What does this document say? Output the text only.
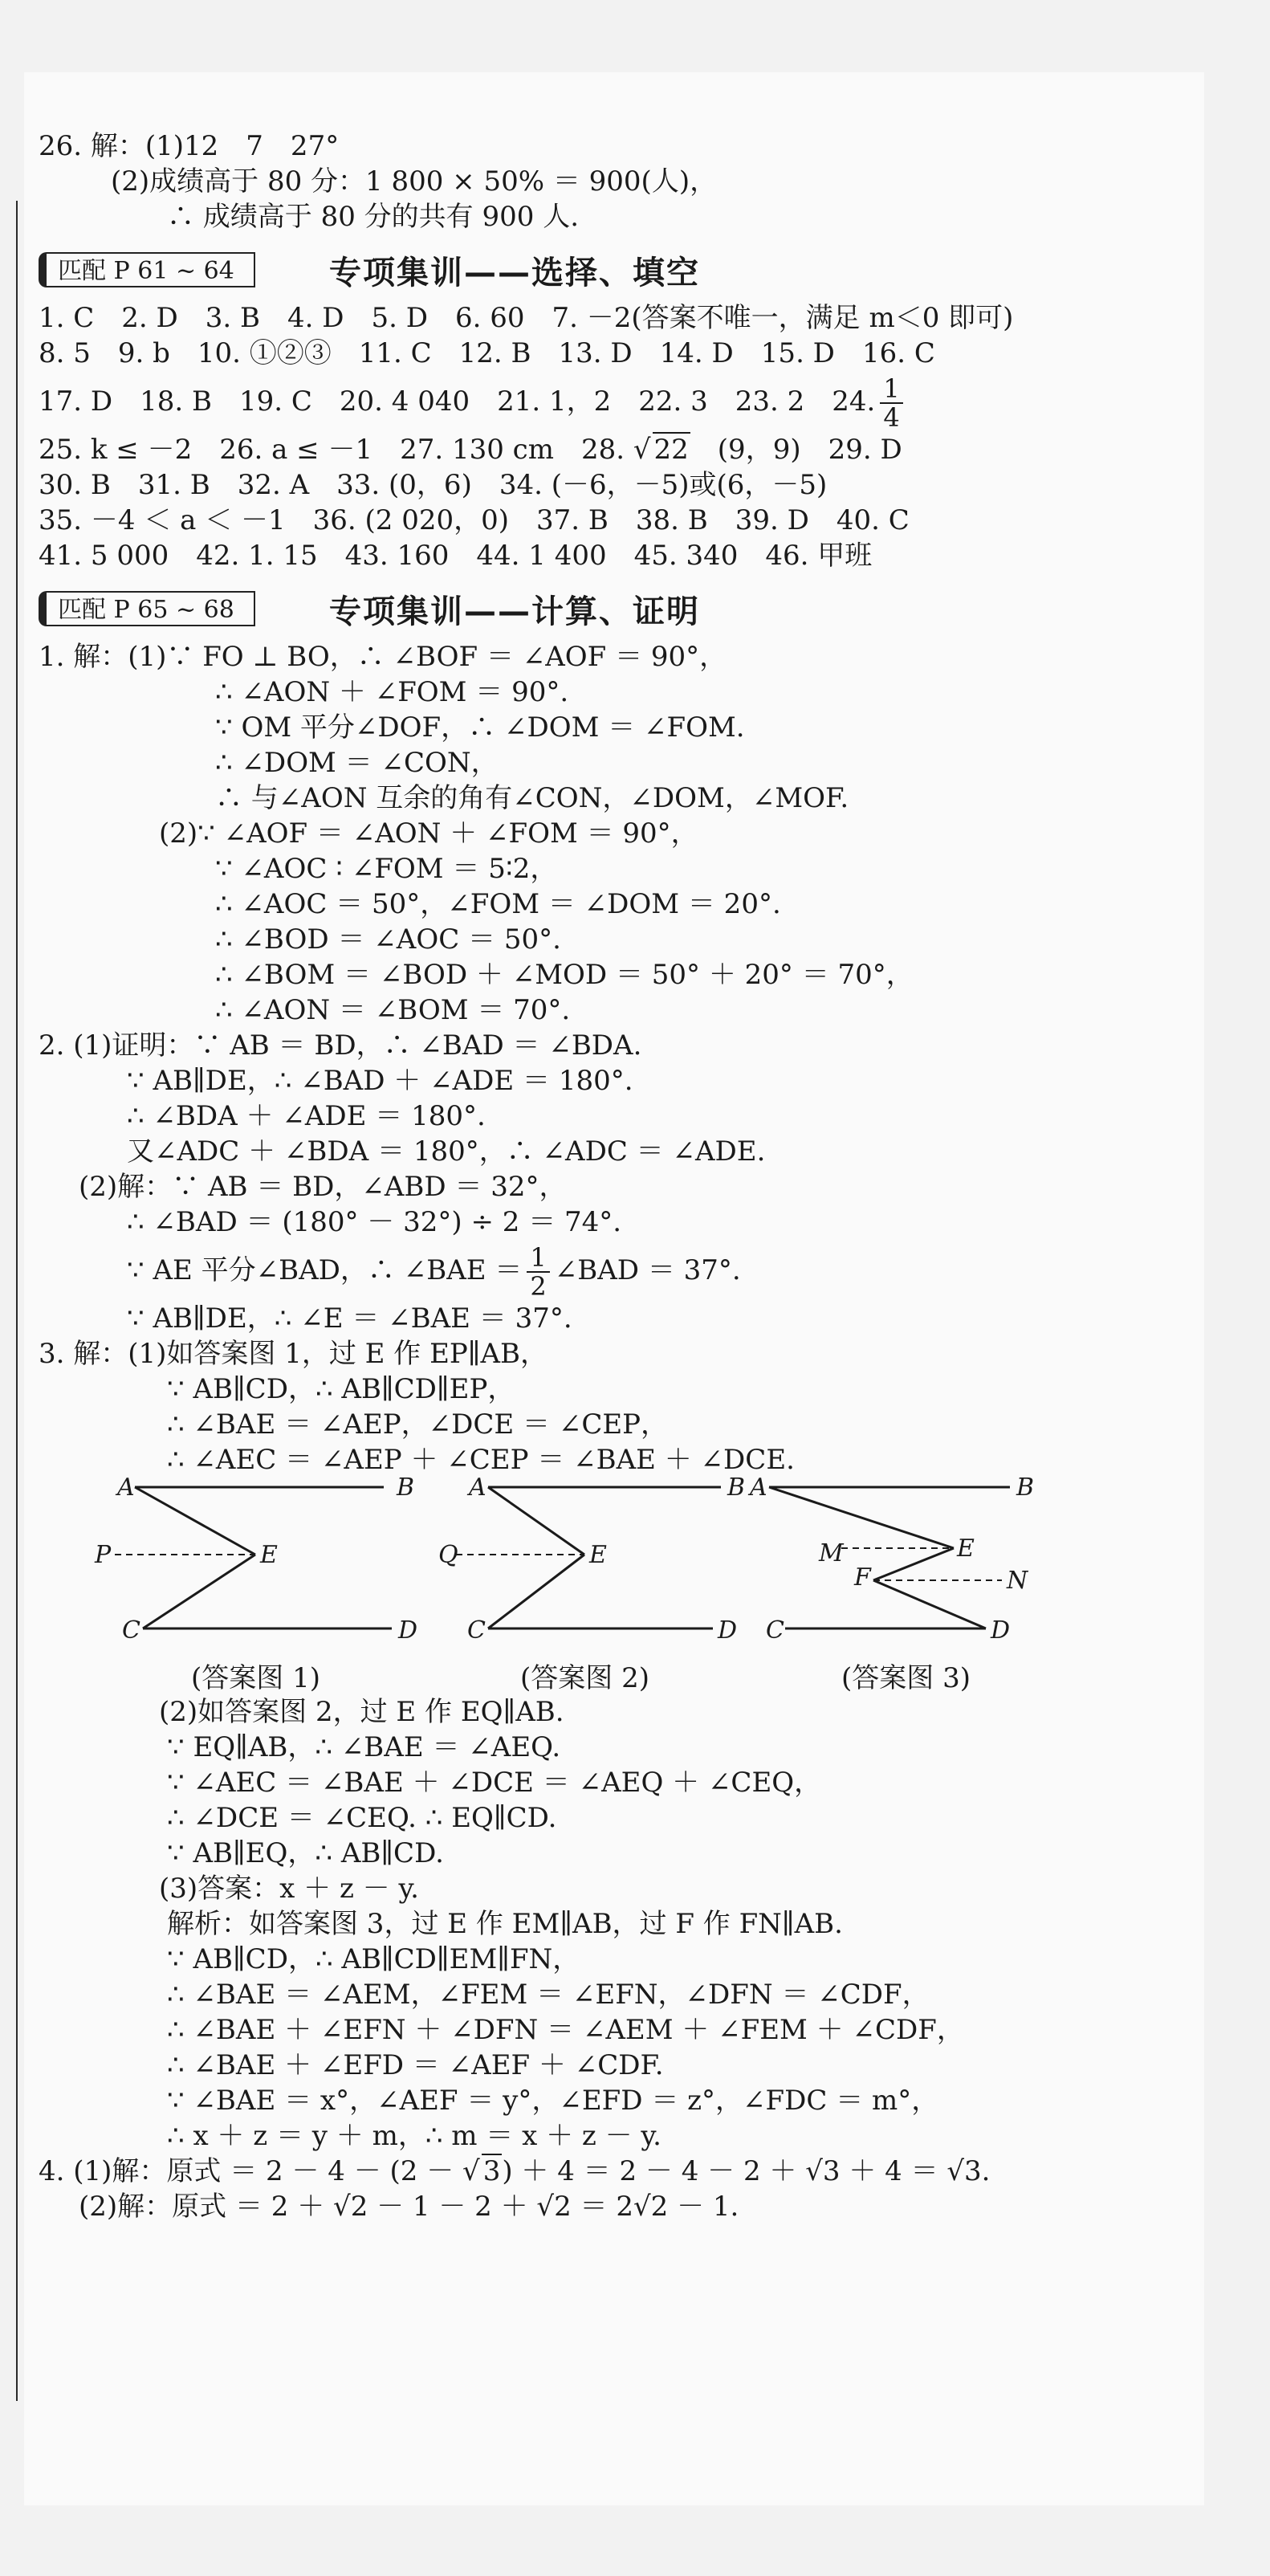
26. 解：(1)12　7　27°
(2)成绩高于 80 分：1 800 × 50% ＝ 900(人)，
∴ 成绩高于 80 分的共有 900 人.
匹配 P 61 ~ 64	专项集训——选择、填空
1. C　2. D　3. B　4. D　5. D　6. 60　7. －2(答案不唯一，满足 m＜0 即可)
8. 5　9. b　10. ①②③　11. C　12. B　13. D　14. D　15. D　16. C
17. D　18. B　19. C　20. 4 040　21. 1，2　22. 3　23. 2　24. $\frac{1}{4}$
25. k ≤ －2　26. a ≤ －1　27. 130 cm　28. √ 22　 (9，9)　29. D
30. B　31. B　32. A　33. (0，6)　34. (－6，－5)或(6，－5)
35. －4 ＜ a ＜ －1　36. (2 020，0)　37. B　38. B　39. D　40. C
41. 5 000　42. 1. 15　43. 160　44. 1 400　45. 340　46. 甲班
匹配 P 65 ~ 68	专项集训——计算、证明
1. 解：(1)∵ FO ⊥ BO，∴ ∠BOF ＝ ∠AOF ＝ 90°，
∴ ∠AON ＋ ∠FOM ＝ 90°.
∵ OM 平分∠DOF，∴ ∠DOM ＝ ∠FOM.
∴ ∠DOM ＝ ∠CON，
∴ 与∠AON 互余的角有∠CON，∠DOM，∠MOF.
(2)∵ ∠AOF ＝ ∠AON ＋ ∠FOM ＝ 90°，
∵ ∠AOC ∶ ∠FOM ＝ 5∶2，
∴ ∠AOC ＝ 50°，∠FOM ＝ ∠DOM ＝ 20°.
∴ ∠BOD ＝ ∠AOC ＝ 50°.
∴ ∠BOM ＝ ∠BOD ＋ ∠MOD ＝ 50° ＋ 20° ＝ 70°，
∴ ∠AON ＝ ∠BOM ＝ 70°.
2. (1)证明：∵ AB ＝ BD，∴ ∠BAD ＝ ∠BDA.
∵ AB∥DE，∴ ∠BAD ＋ ∠ADE ＝ 180°.
∴ ∠BDA ＋ ∠ADE ＝ 180°.
又∠ADC ＋ ∠BDA ＝ 180°，∴ ∠ADC ＝ ∠ADE.
(2)解：∵ AB ＝ BD，∠ABD ＝ 32°，
∴ ∠BAD ＝ (180° － 32°) ÷ 2 ＝ 74°.
∵ AE 平分∠BAD，∴ ∠BAE ＝ $\frac{1}{2}$ ∠BAD ＝ 37°.
∵ AB∥DE，∴ ∠E ＝ ∠BAE ＝ 37°.
3. 解：(1)如答案图 1，过 E 作 EP∥AB，
∵ AB∥CD，∴ AB∥CD∥EP，
∴ ∠BAE ＝ ∠AEP，∠DCE ＝ ∠CEP，
∴ ∠AEC ＝ ∠AEP ＋ ∠CEP ＝ ∠BAE ＋ ∠DCE.
A	B
P	E
C	D
A	B
Q	E
C	D
A	B
M	E
F	N
C	D
(答案图 1)	(答案图 2)	(答案图 3)
(2)如答案图 2，过 E 作 EQ∥AB.
∵ EQ∥AB，∴ ∠BAE ＝ ∠AEQ.
∵ ∠AEC ＝ ∠BAE ＋ ∠DCE ＝ ∠AEQ ＋ ∠CEQ，
∴ ∠DCE ＝ ∠CEQ. ∴ EQ∥CD.
∵ AB∥EQ，∴ AB∥CD.
(3)答案：x ＋ z － y.
解析：如答案图 3，过 E 作 EM∥AB，过 F 作 FN∥AB.
∵ AB∥CD，∴ AB∥CD∥EM∥FN，
∴ ∠BAE ＝ ∠AEM，∠FEM ＝ ∠EFN，∠DFN ＝ ∠CDF，
∴ ∠BAE ＋ ∠EFN ＋ ∠DFN ＝ ∠AEM ＋ ∠FEM ＋ ∠CDF，
∴ ∠BAE ＋ ∠EFD ＝ ∠AEF ＋ ∠CDF.
∵ ∠BAE ＝ x°，∠AEF ＝ y°，∠EFD ＝ z°，∠FDC ＝ m°，
∴ x ＋ z ＝ y ＋ m，∴ m ＝ x ＋ z － y.
4. (1)解：原式 ＝ 2 － 4 － (2 － √ 3) ＋ 4 ＝ 2 － 4 － 2 ＋ √3 ＋ 4 ＝ √3.
(2)解：原式 ＝ 2 ＋ √2 － 1 － 2 ＋ √2 ＝ 2√2 － 1.
